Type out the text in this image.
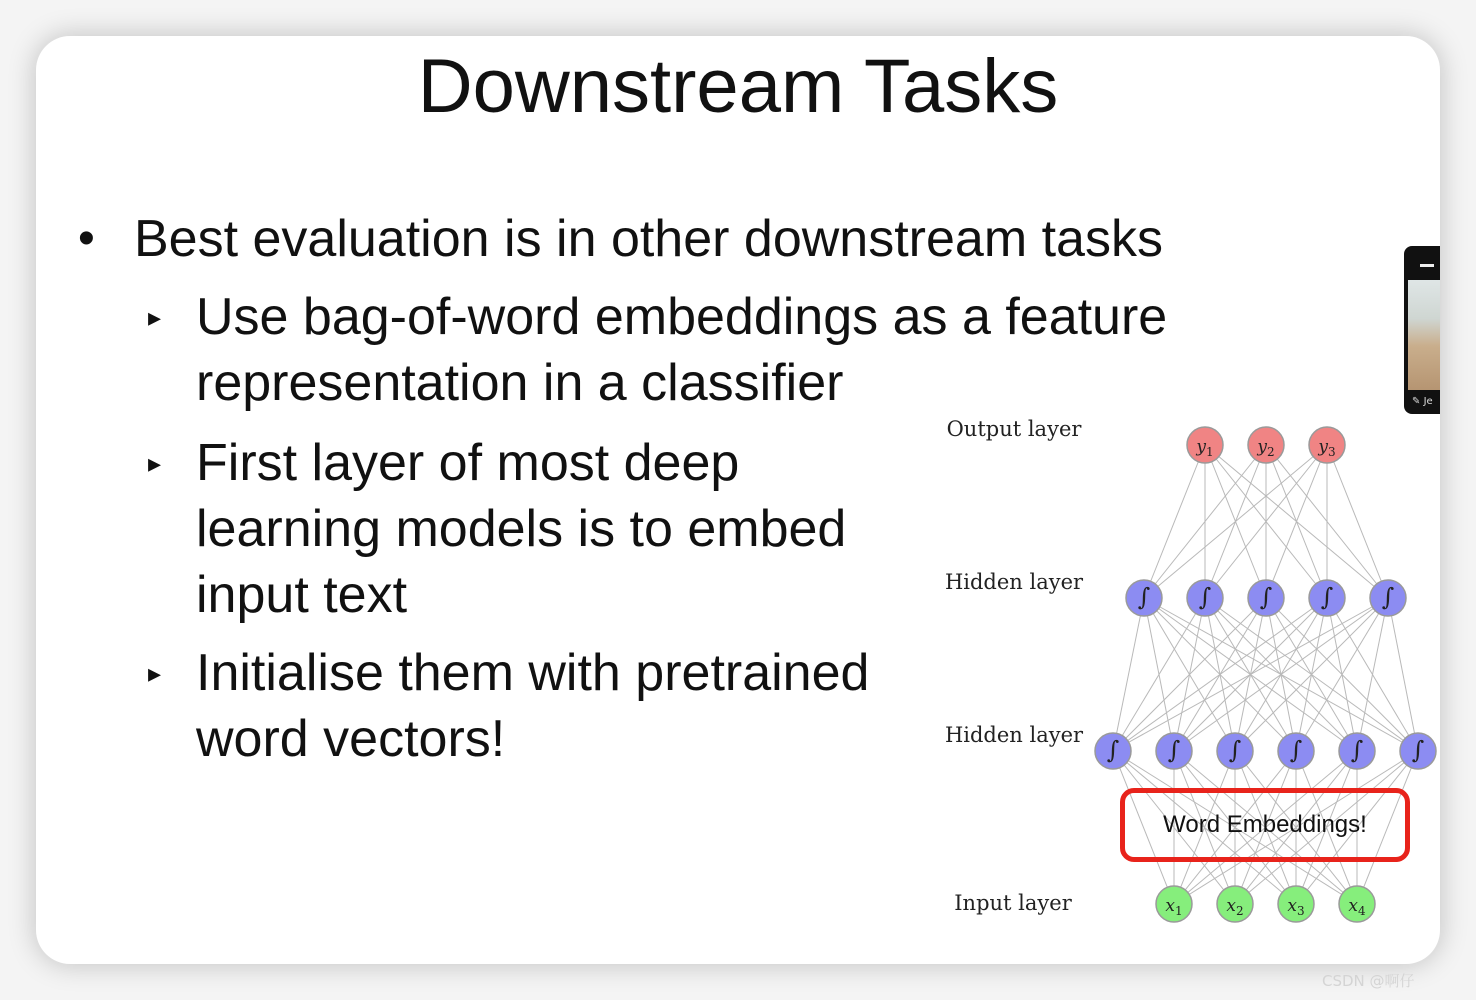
Downstream Tasks
• Best evaluation is in other downstream tasks
▸ Use bag-of-word embeddings as a feature representation in a classifier
▸ First layer of most deep learning models is to embed input text
▸ Initialise them with pretrained word vectors!
Output layer
Hidden layer
Hidden layer
Input layer
$y_1$	$y_2$	$y_3$
∫ ∫ ∫ ∫ ∫
∫ ∫ ∫ ∫ ∫ ∫
$x_1$	$x_2$	$x_3$	$x_4$
Word Embeddings!
✎ Je
CSDN @啊仔
